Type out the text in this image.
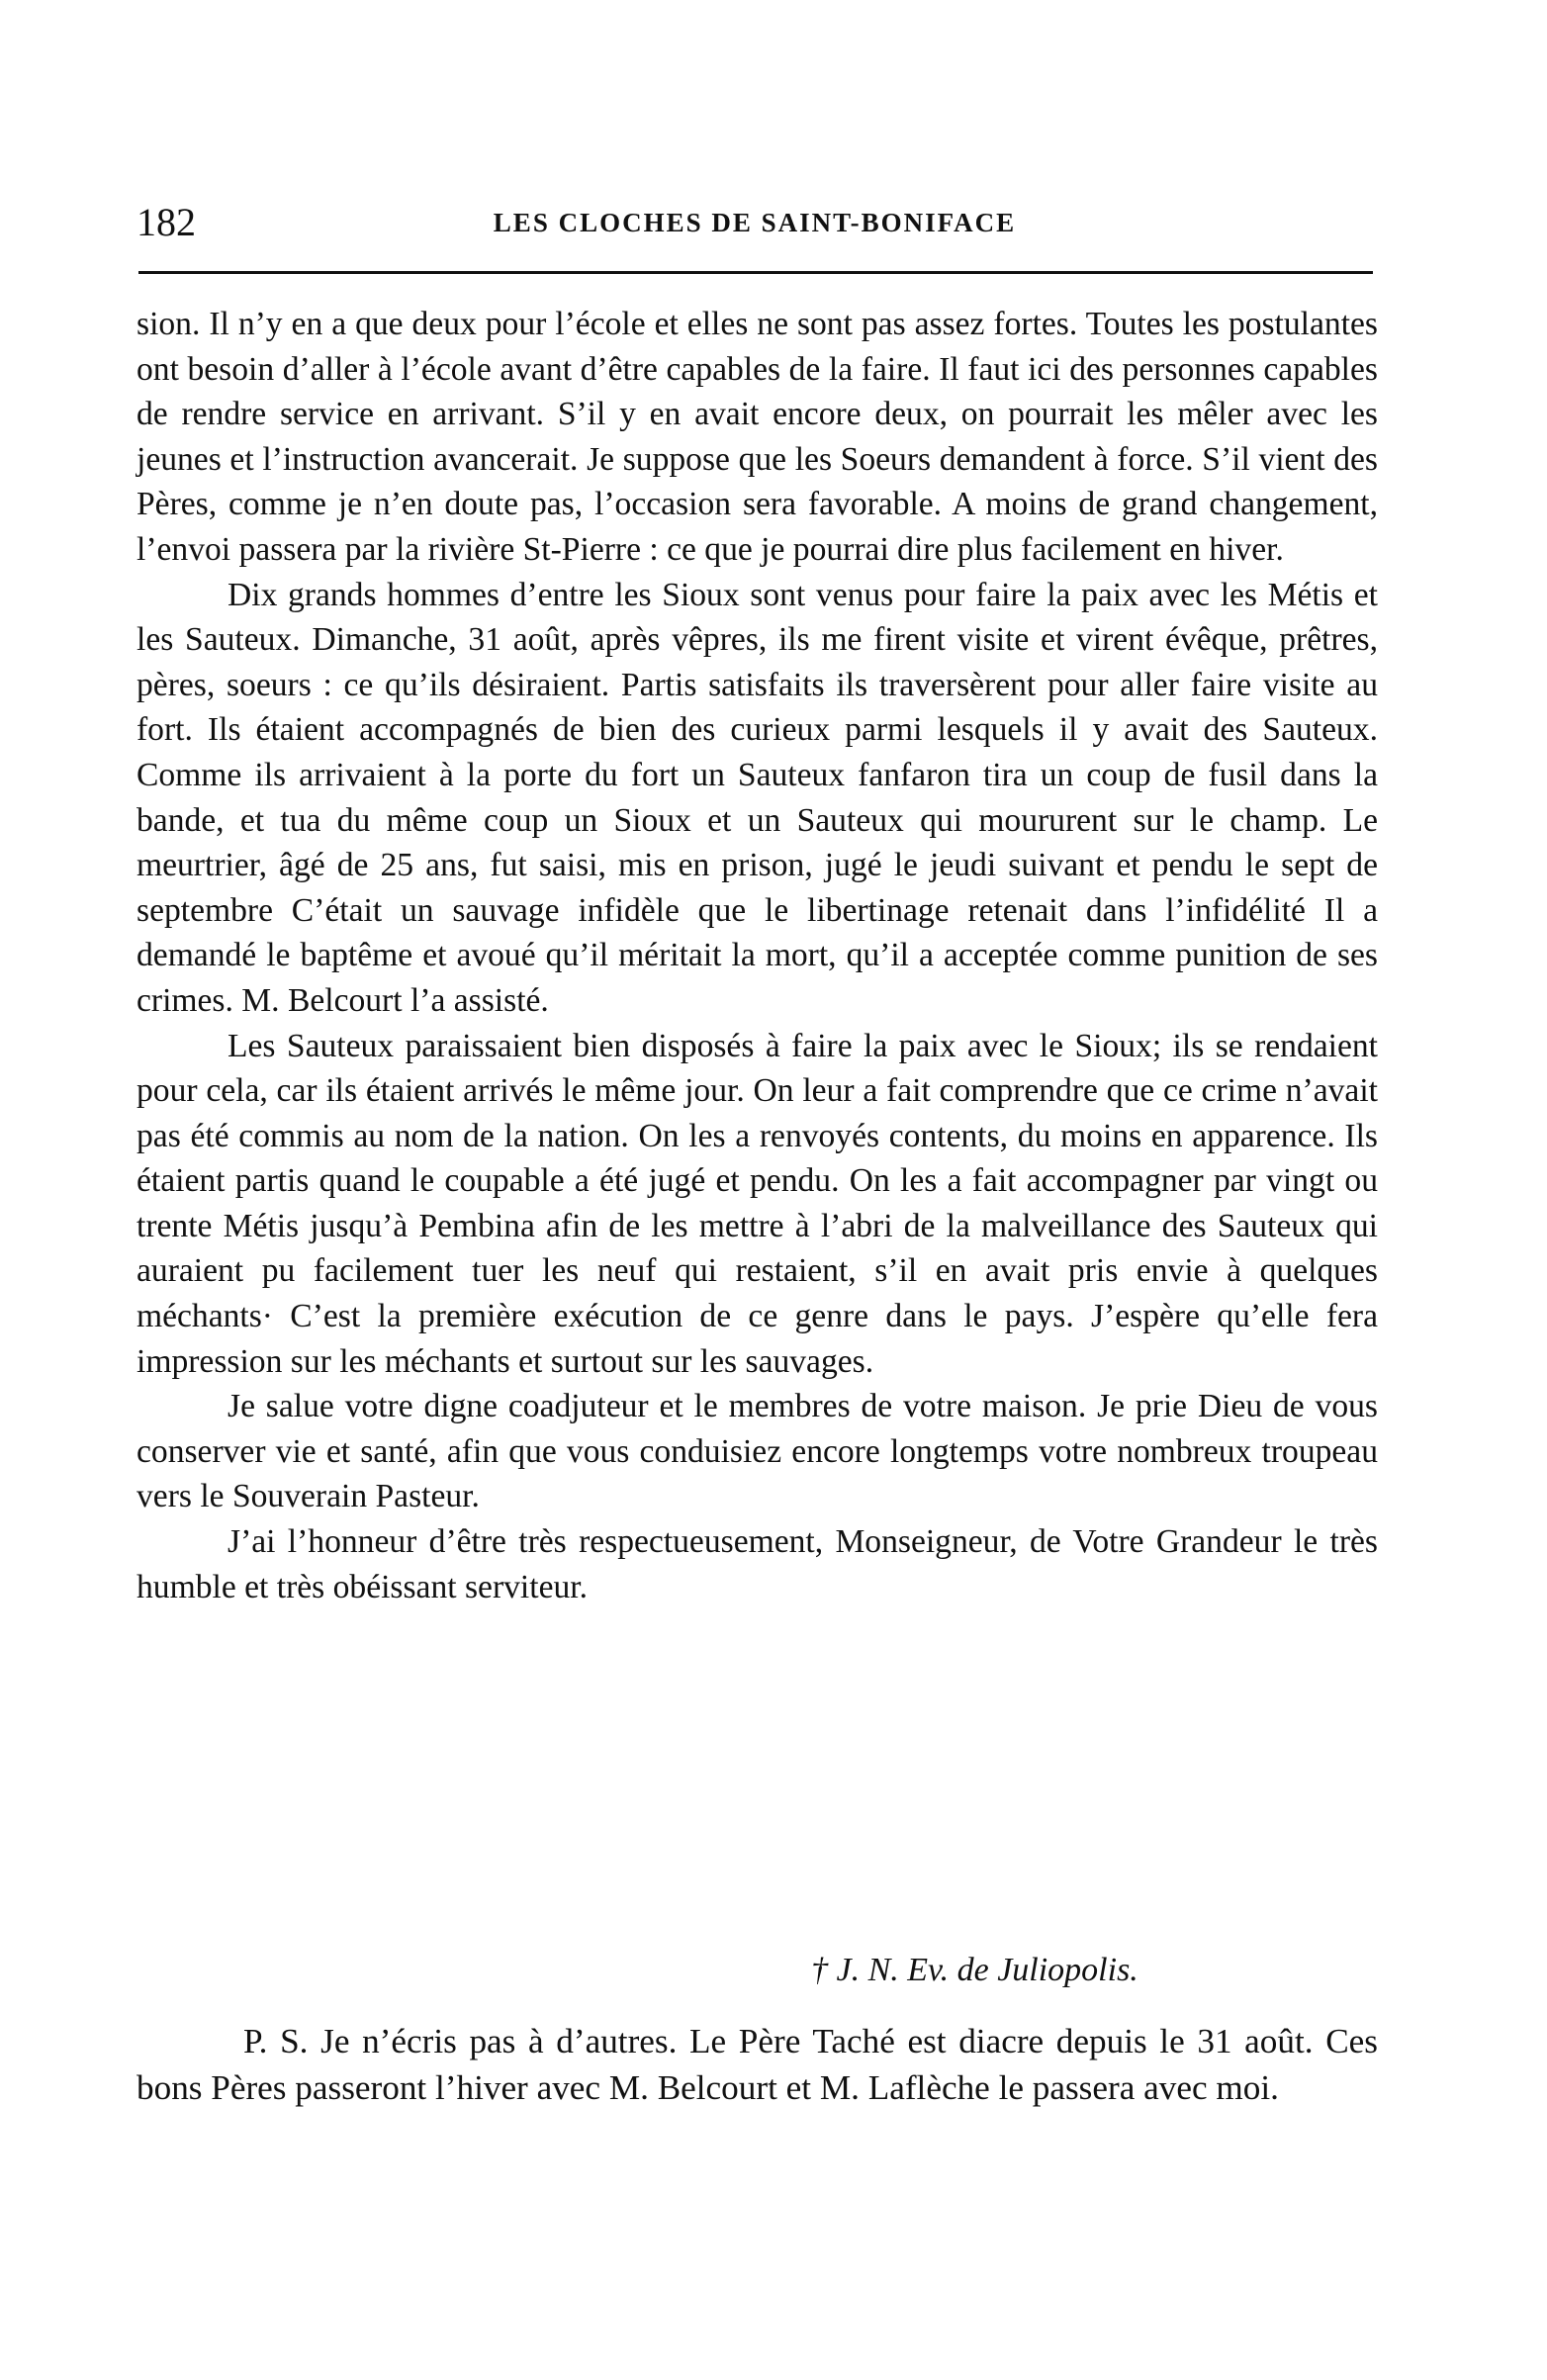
182	LES CLOCHES DE SAINT-BONIFACE

sion. Il n’y en a que deux pour l’école et elles ne sont pas assez fortes. Toutes les postulantes ont besoin d’aller à l’école avant d’être capables de la faire. Il faut ici des personnes capables de rendre service en arrivant. S’il y en avait encore deux, on pourrait les mêler avec les jeunes et l’instruction avancerait. Je suppose que les Soeurs demandent à force. S’il vient des Pères, comme je n’en doute pas, l’occasion sera favorable. A moins de grand changement, l’envoi passera par la rivière St-Pierre : ce que je pourrai dire plus facilement en hiver.

Dix grands hommes d’entre les Sioux sont venus pour faire la paix avec les Métis et les Sauteux. Dimanche, 31 août, après vêpres, ils me firent visite et virent évêque, prêtres, pères, soeurs : ce qu’ils désiraient. Partis satisfaits ils traversèrent pour aller faire visite au fort. Ils étaient accompagnés de bien des curieux parmi lesquels il y avait des Sauteux. Comme ils arrivaient à la porte du fort un Sauteux fanfaron tira un coup de fusil dans la bande, et tua du même coup un Sioux et un Sauteux qui moururent sur le champ. Le meurtrier, âgé de 25 ans, fut saisi, mis en prison, jugé le jeudi suivant et pendu le sept de septembre C’était un sauvage infidèle que le libertinage retenait dans l’infidélité Il a demandé le baptême et avoué qu’il méritait la mort, qu’il a acceptée comme punition de ses crimes. M. Belcourt l’a assisté.

Les Sauteux paraissaient bien disposés à faire la paix avec le Sioux; ils se rendaient pour cela, car ils étaient arrivés le même jour. On leur a fait comprendre que ce crime n’avait pas été commis au nom de la nation. On les a renvoyés contents, du moins en apparence. Ils étaient partis quand le coupable a été jugé et pendu. On les a fait accompagner par vingt ou trente Métis jusqu’à Pembina afin de les mettre à l’abri de la malveillance des Sauteux qui auraient pu facilement tuer les neuf qui restaient, s’il en avait pris envie à quelques méchants· C’est la première exécution de ce genre dans le pays. J’espère qu’elle fera impression sur les méchants et surtout sur les sauvages.

Je salue votre digne coadjuteur et le membres de votre maison. Je prie Dieu de vous conserver vie et santé, afin que vous conduisiez encore longtemps votre nombreux troupeau vers le Souverain Pasteur.

J’ai l’honneur d’être très respectueusement, Monseigneur, de Votre Grandeur le très humble et très obéissant serviteur.

† J. N. Ev. de Juliopolis.

P. S. Je n’écris pas à d’autres. Le Père Taché est diacre depuis le 31 août. Ces bons Pères passeront l’hiver avec M. Belcourt et M. Laflèche le passera avec moi.
